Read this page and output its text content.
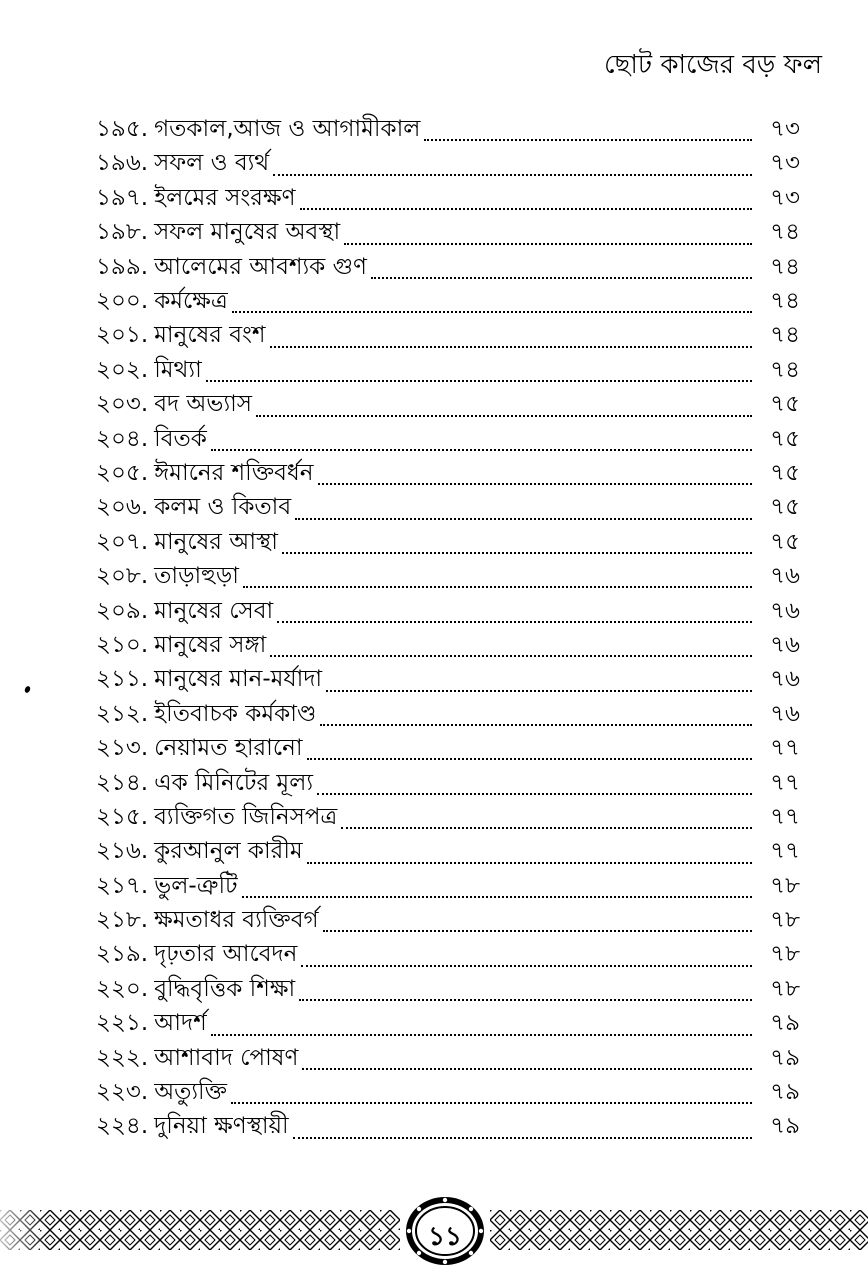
ছোট কাজের বড় ফল
১৯৫. গতকাল,আজ ও আগামীকাল	৭৩
১৯৬. সফল ও ব্যর্থ	৭৩
১৯৭. ইলমের সংরক্ষণ	৭৩
১৯৮. সফল মানুষের অবস্থা	৭৪
১৯৯. আলেমের আবশ্যক গুণ	৭৪
২০০. কর্মক্ষেত্র	৭৪
২০১. মানুষের বংশ	৭৪
২০২. মিথ্যা	৭৪
২০৩. বদ অভ্যাস	৭৫
২০৪. বিতর্ক	৭৫
২০৫. ঈমানের শক্তিবর্ধন	৭৫
২০৬. কলম ও কিতাব	৭৫
২০৭. মানুষের আস্থা	৭৫
২০৮. তাড়াহুড়া	৭৬
২০৯. মানুষের সেবা	৭৬
২১০. মানুষের সঙ্গা	৭৬
২১১. মানুষের মান-মর্যাদা	৭৬
২১২. ইতিবাচক কর্মকাণ্ড	৭৬
২১৩. নেয়ামত হারানো	৭৭
২১৪. এক মিনিটের মূল্য	৭৭
২১৫. ব্যক্তিগত জিনিসপত্র	৭৭
২১৬. কুরআনুল কারীম	৭৭
২১৭. ভুল-ত্রুটি	৭৮
২১৮. ক্ষমতাধর ব্যক্তিবর্গ	৭৮
২১৯. দৃঢ়তার আবেদন	৭৮
২২০. বুদ্ধিবৃত্তিক শিক্ষা	৭৮
২২১. আদর্শ	৭৯
২২২. আশাবাদ পোষণ	৭৯
২২৩. অত্যুক্তি	৭৯
২২৪. দুনিয়া ক্ষণস্থায়ী	৭৯
১১
